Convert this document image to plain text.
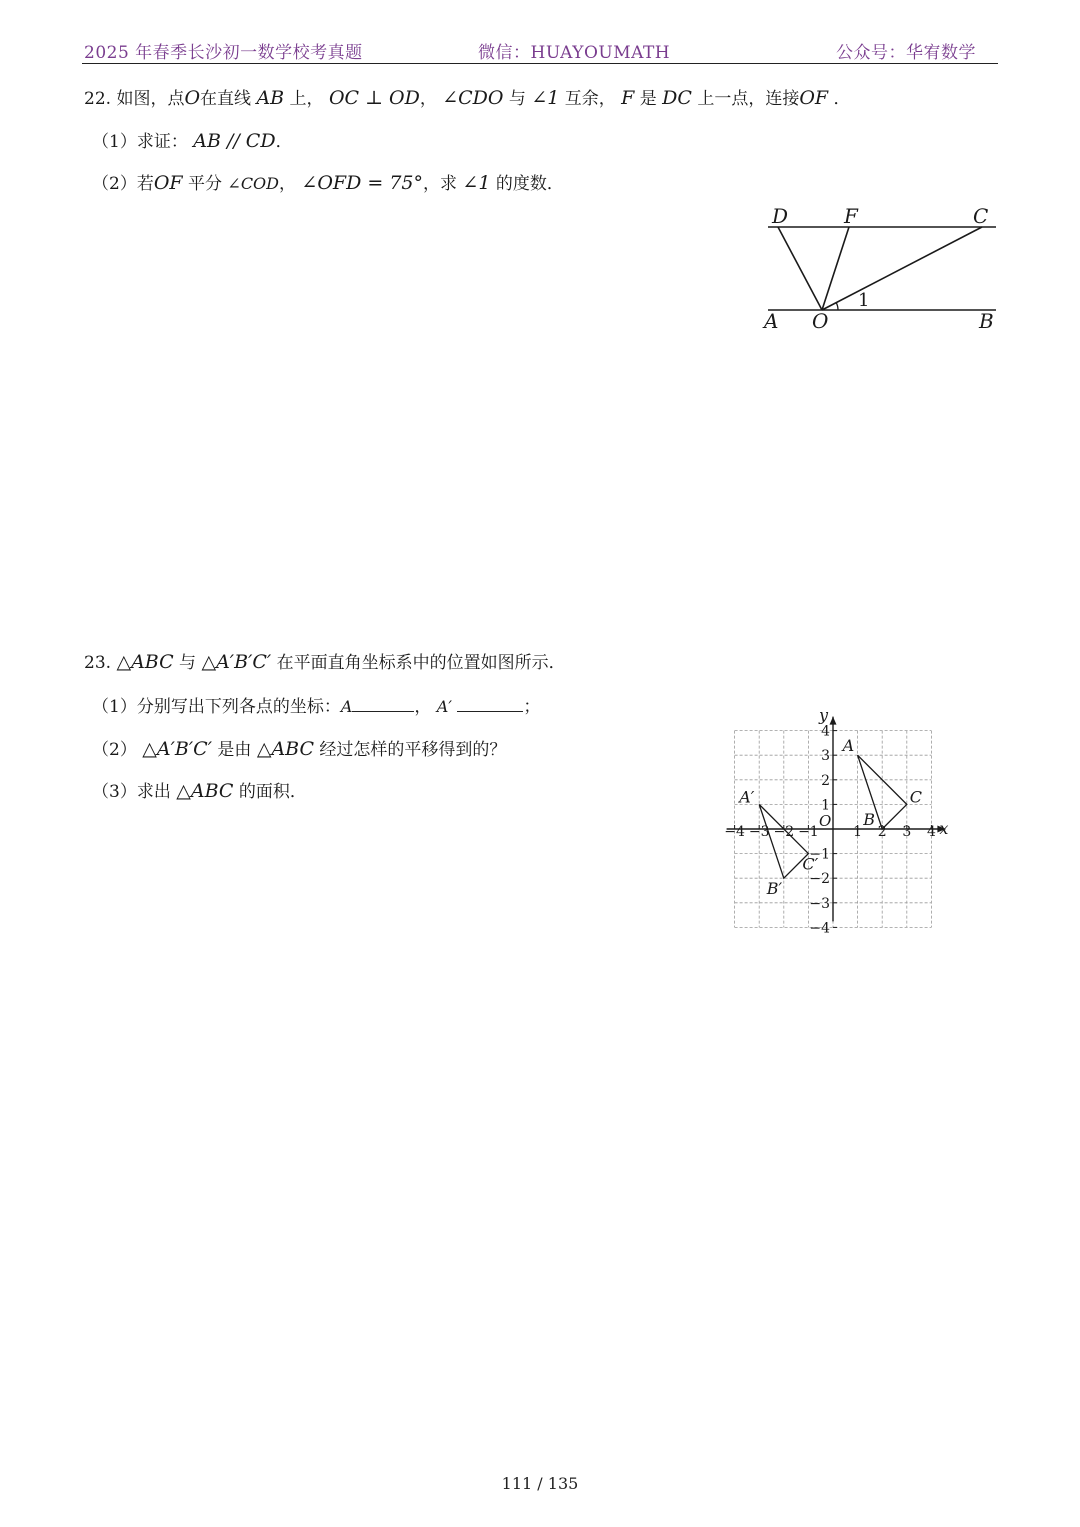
2025 年春季长沙初一数学校考真题	微信：HUAYOUMATH	公众号：华宥数学
22. 如图，点O在直线 AB 上， OC ⊥ OD， ∠CDO 与 ∠1 互余， F 是 DC 上一点，连接OF ．
（1）求证： AB // CD．
（2）若OF 平分 ∠COD， ∠OFD = 75°，求 ∠1 的度数．
D	F	C
A O	B
1
23. △ABC 与 △A′B′C′ 在平面直角坐标系中的位置如图所示．
（1）分别写出下列各点的坐标：A	， A′	；
（2） △A′B′C′ 是由 △ABC 经过怎样的平移得到的？
（3）求出 △ABC 的面积．
x
y
O
−4 −3 −2 −1 1 2 3 4
4
3
2
1
−1
−2
−3
−4
A
B
C
A′
B′
C′
111 / 135
